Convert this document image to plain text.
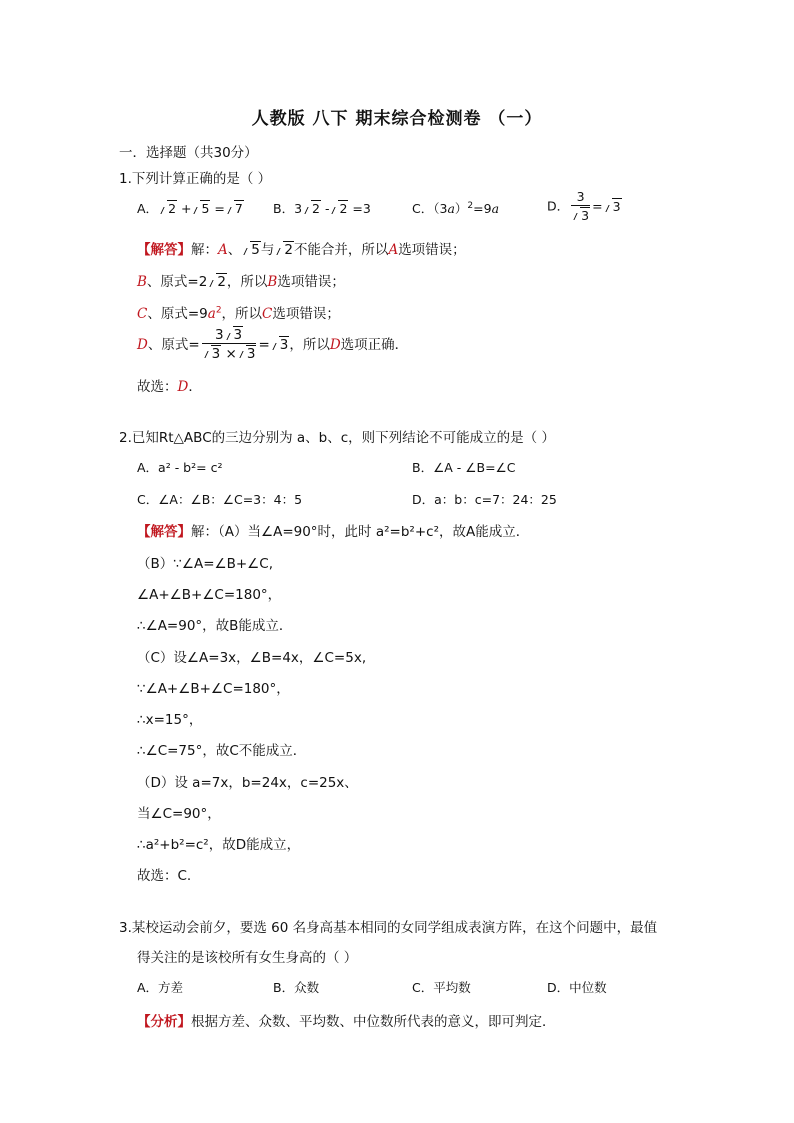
人教版 八下 期末综合检测卷 （一）
一．选择题（共30分）
1.下列计算正确的是（ ）
A． 2 + 5 = 7 B．3 2 - 2 =3	C．$(3a)^2=9a$	D． $\frac{3}{3} = 3$
【解答】解：A、 5与 2不能合并，所以A选项错误；
B、原式=2 2，所以B选项错误；
C、原式$=9a^2$，所以C选项错误；
D、原式= $\frac{3 3}{3 \times 3} = 3$，所以D选项正确．
故选：D．
2.已知Rt△ABC的三边分别为 a、b、c，则下列结论不可能成立的是（ ）
A．a² - b²= c²	B．∠A - ∠B=∠C
C．∠A：∠B：∠C=3：4：5	D．a：b：c=7：24：25
【解答】解：（A）当∠A=90°时，此时 a²=b²+c²，故A能成立．
（B）∵∠A=∠B+∠C,
∠A+∠B+∠C=180°，
∴∠A=90°，故B能成立．
（C）设∠A=3x，∠B=4x，∠C=5x,
∵∠A+∠B+∠C=180°，
∴x=15°，
∴∠C=75°，故C不能成立．
（D）设 a=7x，b=24x，c=25x、
当∠C=90°，
∴a²+b²=c²，故D能成立，
故选：C.
3.某校运动会前夕，要选 60 名身高基本相同的女同学组成表演方阵，在这个问题中，最值
得关注的是该校所有女生身高的（ ）
A．方差	B．众数	C．平均数	D．中位数
【分析】根据方差、众数、平均数、中位数所代表的意义，即可判定．
